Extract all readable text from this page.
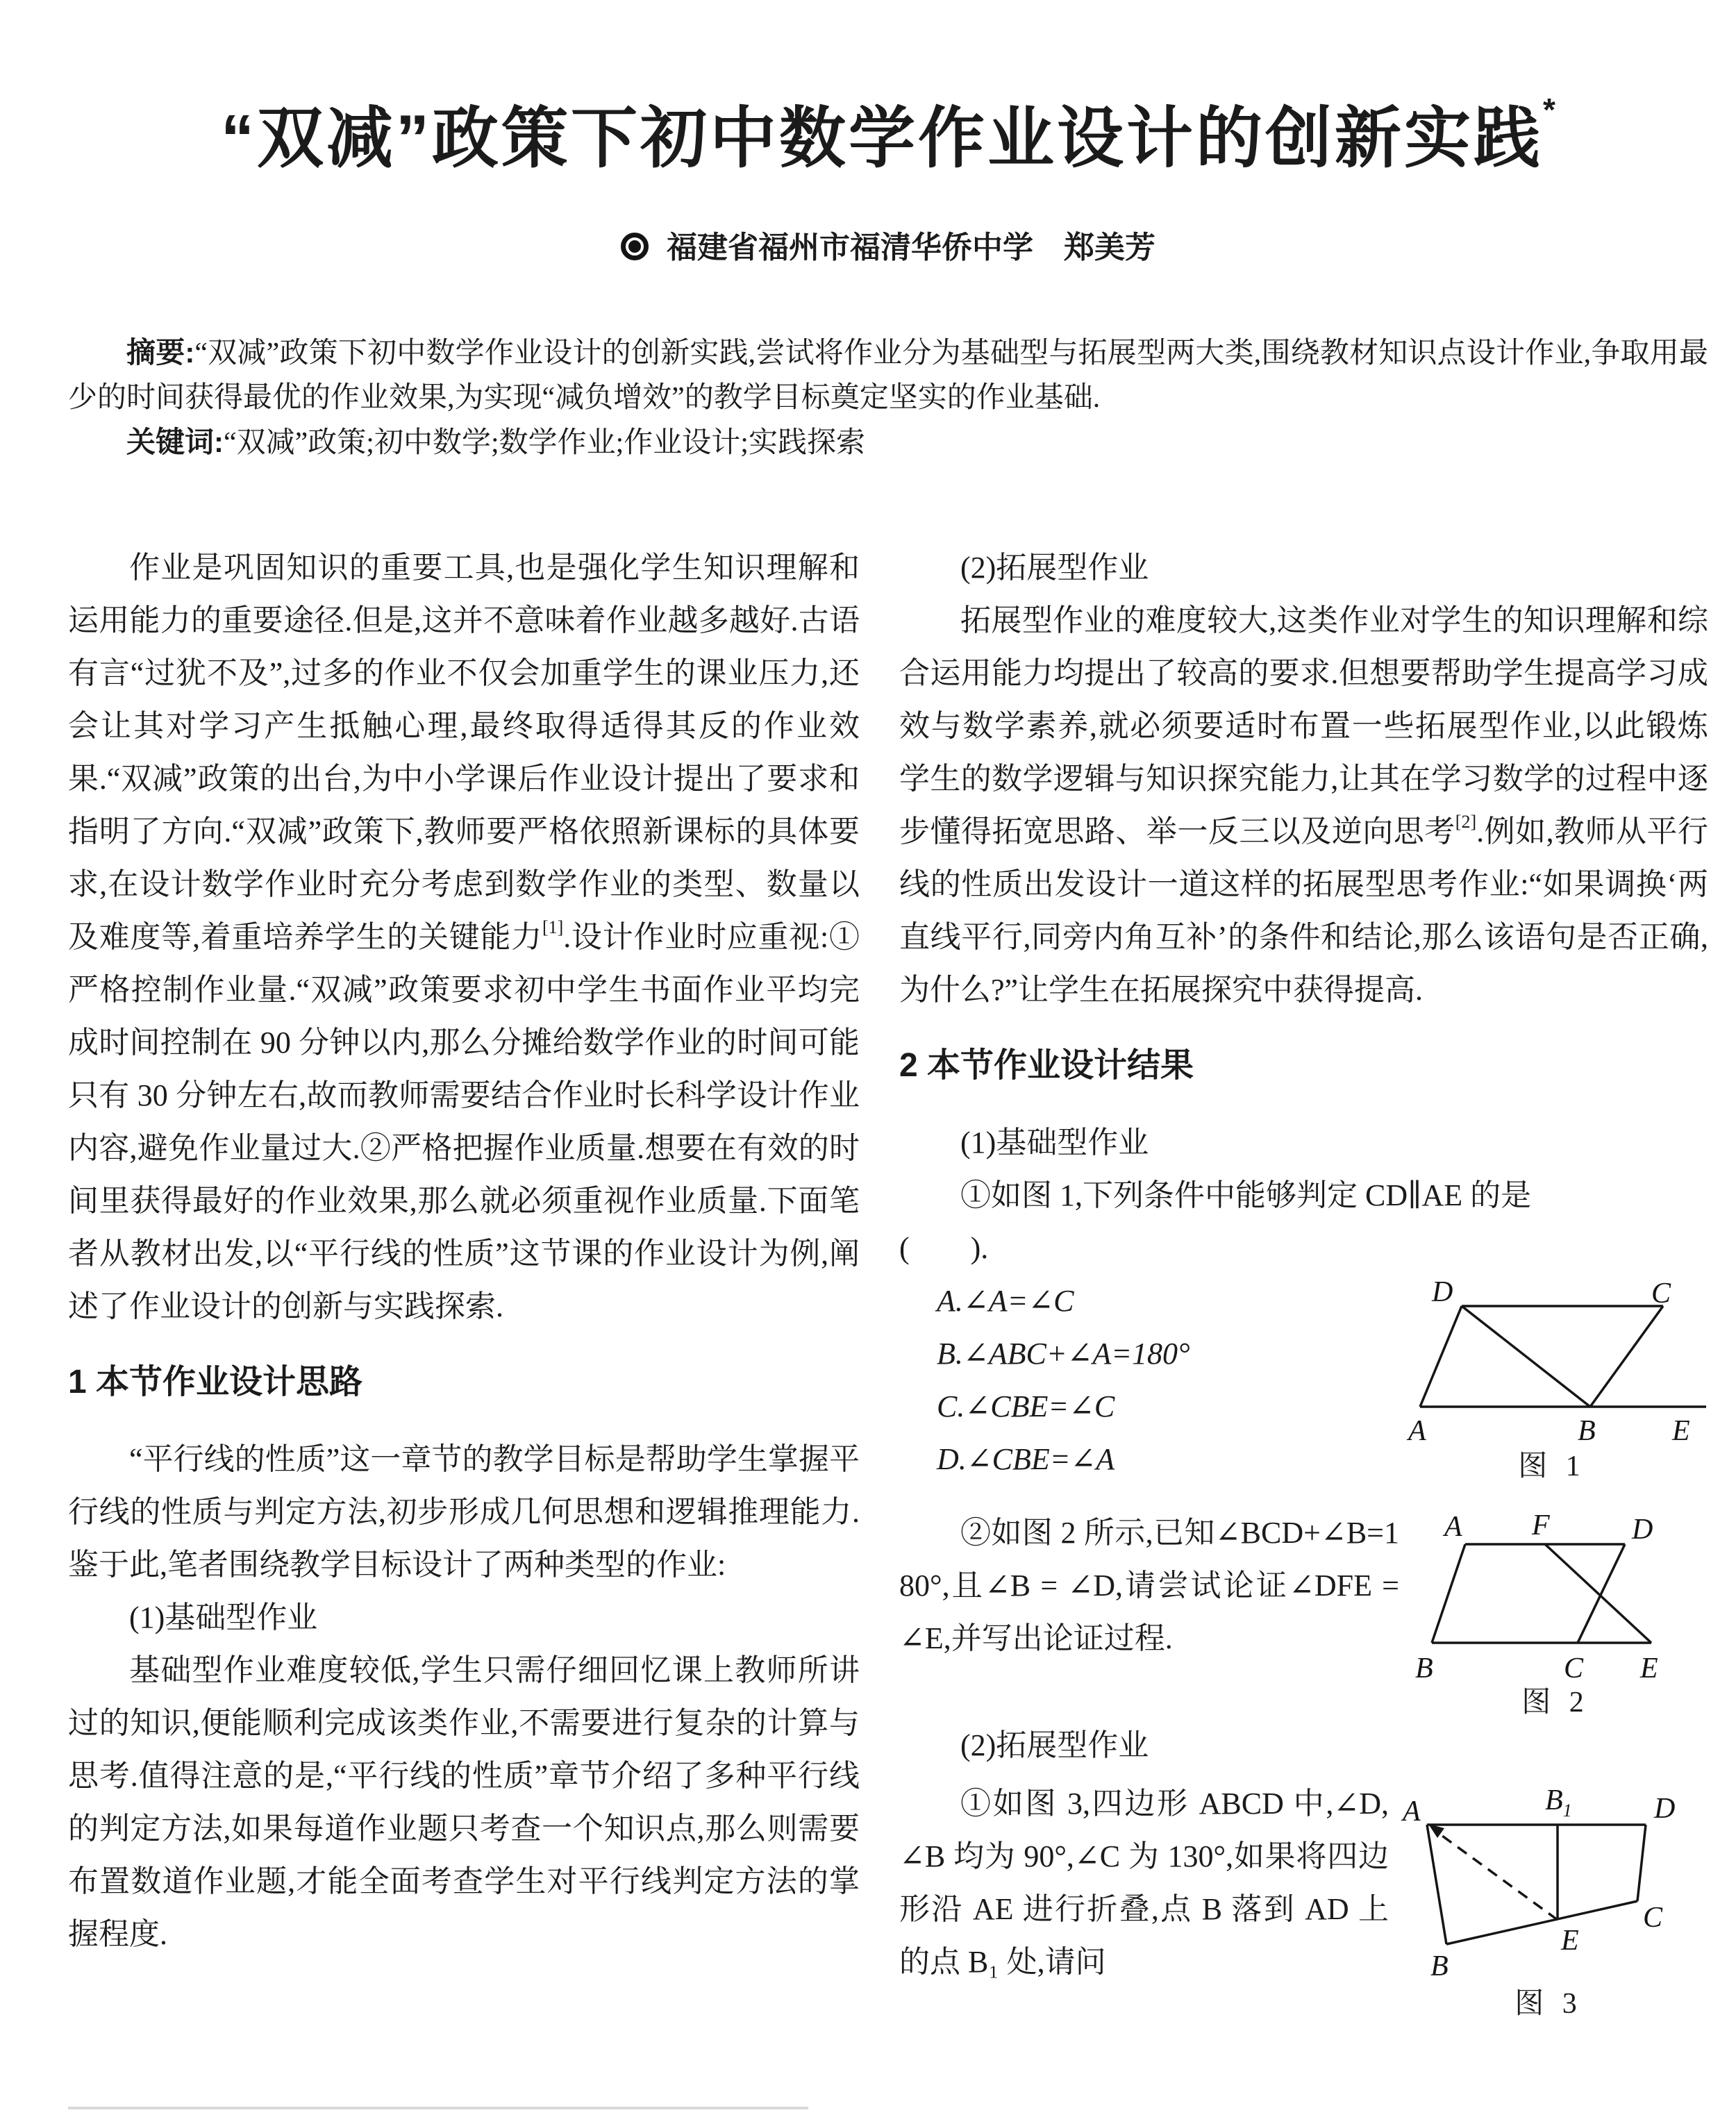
“双减”政策下初中数学作业设计的创新实践*
福建省福州市福清华侨中学　郑美芳

摘要:“双减”政策下初中数学作业设计的创新实践,尝试将作业分为基础型与拓展型两大类,围绕教材知识点设计作业,争取用最少的时间获得最优的作业效果,为实现“减负增效”的教学目标奠定坚实的作业基础.

关键词:“双减”政策;初中数学;数学作业;作业设计;实践探索

作业是巩固知识的重要工具,也是强化学生知识理解和运用能力的重要途径.但是,这并不意味着作业越多越好.古语有言“过犹不及”,过多的作业不仅会加重学生的课业压力,还会让其对学习产生抵触心理,最终取得适得其反的作业效果.“双减”政策的出台,为中小学课后作业设计提出了要求和指明了方向.“双减”政策下,教师要严格依照新课标的具体要求,在设计数学作业时充分考虑到数学作业的类型、数量以及难度等,着重培养学生的关键能力[1].设计作业时应重视:①严格控制作业量.“双减”政策要求初中学生书面作业平均完成时间控制在 90 分钟以内,那么分摊给数学作业的时间可能只有 30 分钟左右,故而教师需要结合作业时长科学设计作业内容,避免作业量过大.②严格把握作业质量.想要在有效的时间里获得最好的作业效果,那么就必须重视作业质量.下面笔者从教材出发,以“平行线的性质”这节课的作业设计为例,阐述了作业设计的创新与实践探索.

1 本节作业设计思路

“平行线的性质”这一章节的教学目标是帮助学生掌握平行线的性质与判定方法,初步形成几何思想和逻辑推理能力.鉴于此,笔者围绕教学目标设计了两种类型的作业:

(1)基础型作业

基础型作业难度较低,学生只需仔细回忆课上教师所讲过的知识,便能顺利完成该类作业,不需要进行复杂的计算与思考.值得注意的是,“平行线的性质”章节介绍了多种平行线的判定方法,如果每道作业题只考查一个知识点,那么则需要布置数道作业题,才能全面考查学生对平行线判定方法的掌握程度.

(2)拓展型作业

拓展型作业的难度较大,这类作业对学生的知识理解和综合运用能力均提出了较高的要求.但想要帮助学生提高学习成效与数学素养,就必须要适时布置一些拓展型作业,以此锻炼学生的数学逻辑与知识探究能力,让其在学习数学的过程中逐步懂得拓宽思路、举一反三以及逆向思考[2].例如,教师从平行线的性质出发设计一道这样的拓展型思考作业:“如果调换‘两直线平行,同旁内角互补’的条件和结论,那么该语句是否正确,为什么?”让学生在拓展探究中获得提高.

2 本节作业设计结果

(1)基础型作业

①如图 1,下列条件中能够判定 CD∥AE 的是

(　　).

A.∠A=∠C
B.∠ABC+∠A=180°
C.∠CBE=∠C
D.∠CBE=∠A
D	C
A	B	E
图 1

②如图 2 所示,已知∠BCD+∠B=180°,且∠B = ∠D,请尝试论证∠DFE = ∠E,并写出论证过程.

A F	D
B	C E
图 2

(2)拓展型作业

①如图 3,四边形 ABCD 中,∠D,∠B 均为 90°,∠C 为 130°,如果将四边形沿 AE 进行折叠,点 B 落到 AD 上的点 B₁ 处,请问

A	$B_1$	D
B
E
C
图 3
